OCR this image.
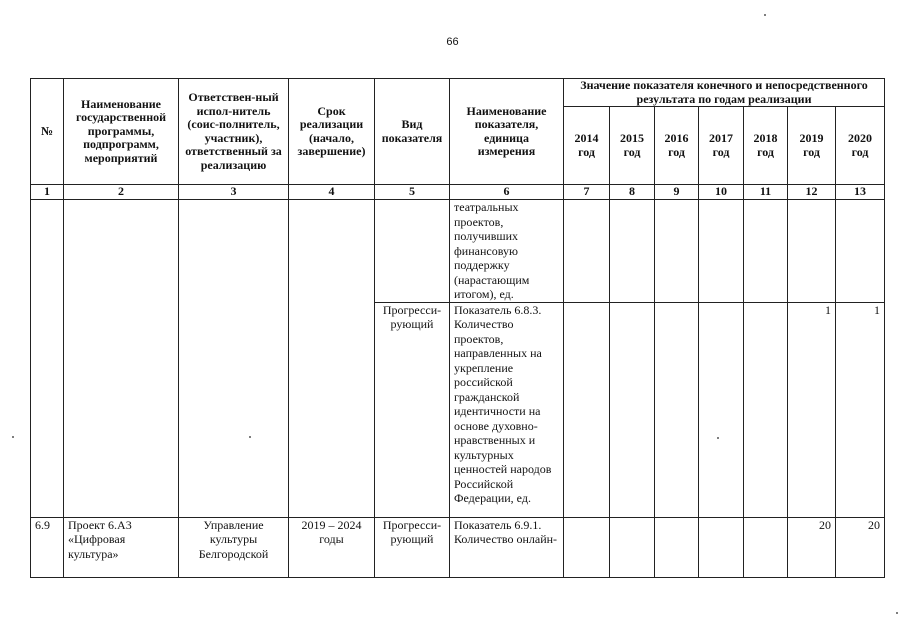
66
№	Наименование государственной программы, подпрограмм, мероприятий	Ответствен-ный испол-нитель (соис-полнитель, участник), ответственный за реализацию	Срок реализации (начало, завершение)	Вид показателя	Наименование показателя, единица измерения	Значение показателя конечного и непосредственного результата по годам реализации						
						2014 год	2015 год	2016 год	2017 год	2018 год	2019 год	2020 год
1	2	3	4	5	6	7	8	9	10	11	12	13
					театральных проектов, получивших финансовую поддержку (нарастающим итогом), ед.							
				Прогресси-рующий	Показатель 6.8.3. Количество проектов, направленных на укрепление российской гражданской идентичности на основе духовно-нравственных и культурных ценностей народов Российской Федерации, ед.						1	1
6.9	Проект 6.А3 «Цифровая культура»	Управление культуры Белгородской	2019 – 2024 годы	Прогресси-рующий	Показатель 6.9.1. Количество онлайн-						20	20
